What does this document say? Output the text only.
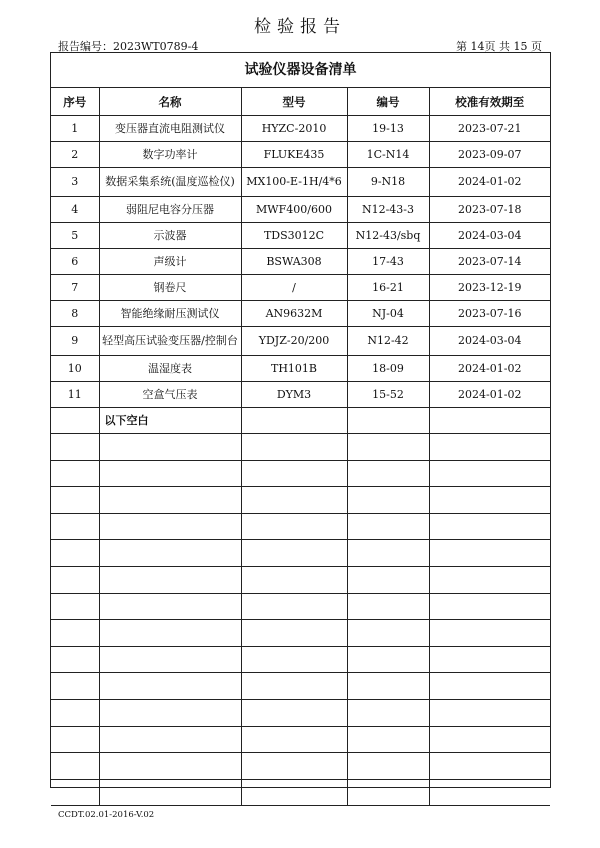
检验报告
报告编号：2023WT0789-4	第 14页 共 15 页
试验仪器设备清单
序号	名称	型号	编号	校准有效期至
1	变压器直流电阻测试仪	HYZC-2010	19-13	2023-07-21
2	数字功率计	FLUKE435	1C-N14	2023-09-07
3	数据采集系统(温度巡检仪)	MX100-E-1H/4*6	9-N18	2024-01-02
4	弱阻尼电容分压器	MWF400/600	N12-43-3	2023-07-18
5	示波器	TDS3012C	N12-43/sbq	2024-03-04
6	声级计	BSWA308	17-43	2023-07-14
7	钢卷尺	/	16-21	2023-12-19
8	智能绝缘耐压测试仪	AN9632M	NJ-04	2023-07-16
9	轻型高压试验变压器/控制台	YDJZ-20/200	N12-42	2024-03-04
10	温湿度表	TH101B	18-09	2024-01-02
11	空盒气压表	DYM3	15-52	2024-01-02
	以下空白			

CCDT.02.01-2016-V.02
